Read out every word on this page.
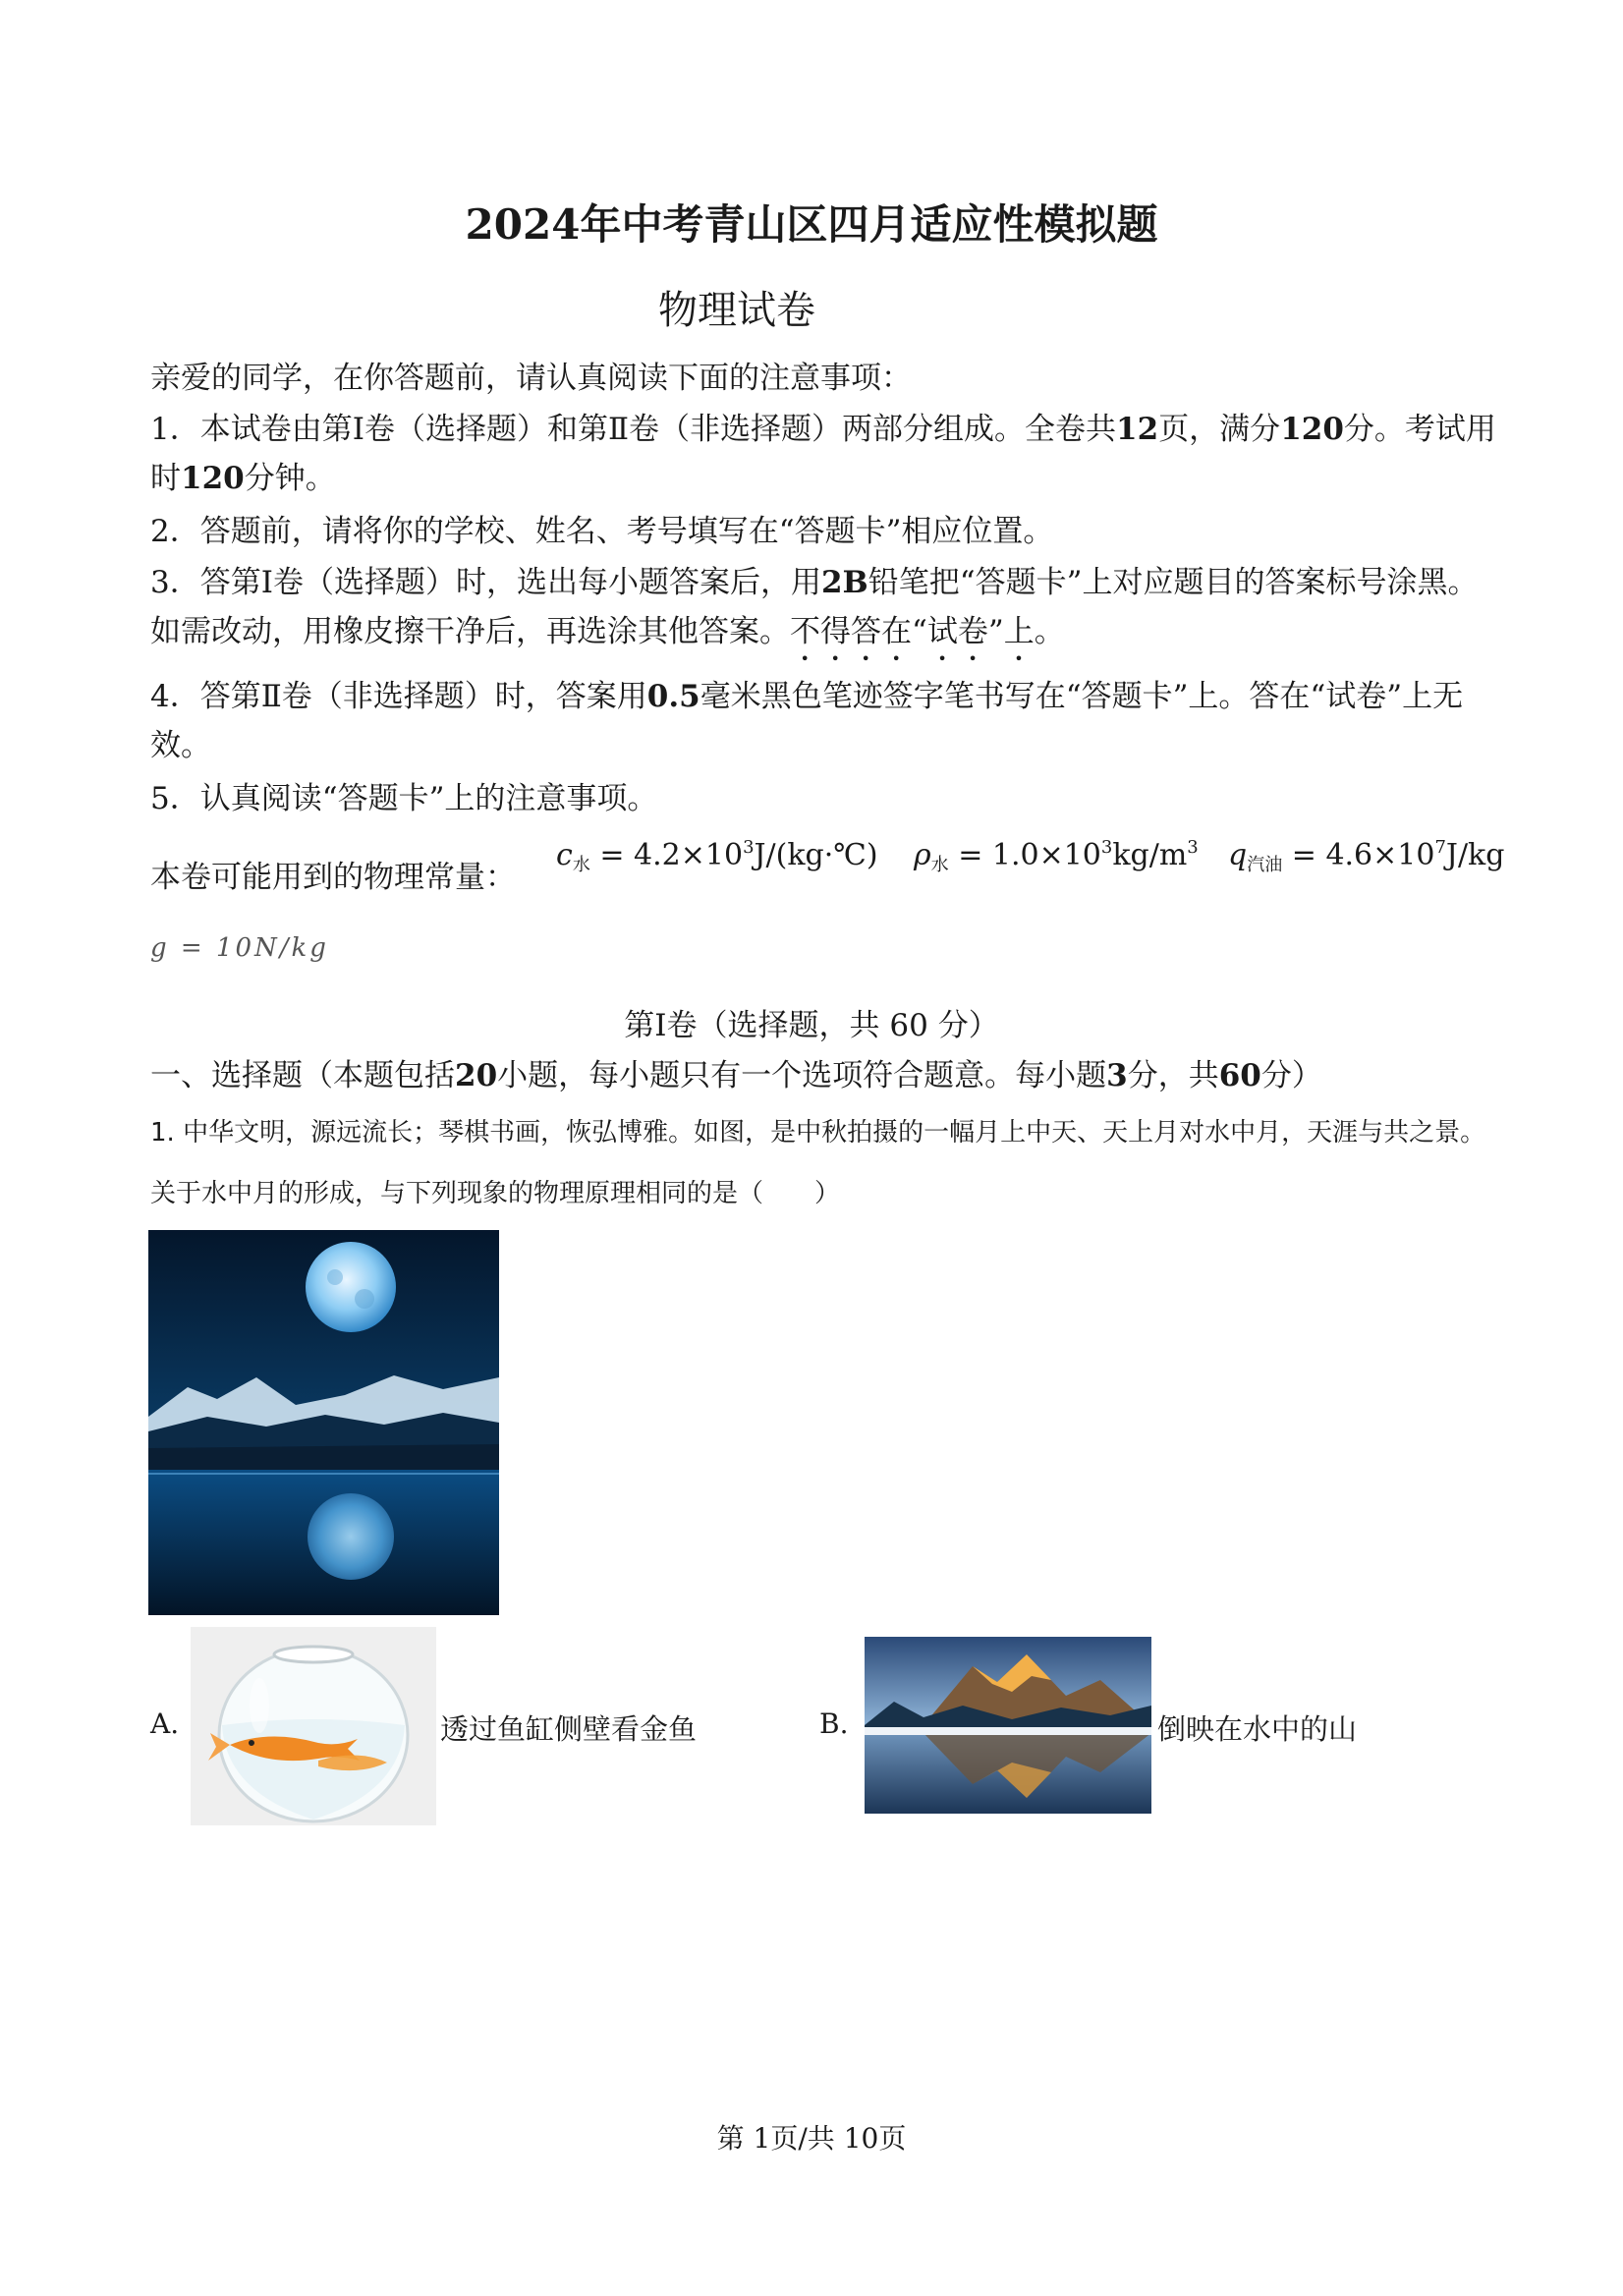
2024年中考青山区四月适应性模拟题
物理试卷
亲爱的同学，在你答题前，请认真阅读下面的注意事项：
1．本试卷由第Ⅰ卷（选择题）和第Ⅱ卷（非选择题）两部分组成。全卷共12页，满分120分。考试用时120分钟。
2．答题前，请将你的学校、姓名、考号填写在“答题卡”相应位置。
3．答第Ⅰ卷（选择题）时，选出每小题答案后，用2B铅笔把“答题卡”上对应题目的答案标号涂黑。如需改动，用橡皮擦干净后，再选涂其他答案。不得答在“试卷”上。
4．答第Ⅱ卷（非选择题）时，答案用0.5毫米黑色笔迹签字笔书写在“答题卡”上。答在“试卷”上无效。
5．认真阅读“答题卡”上的注意事项。
本卷可能用到的物理常量：
$c_水$ = $4.2\times 10^3J/(kg\cdot℃) \rho_水 = 1.0\times 10^3kg/m^3$ $q_{汽油} = 4.6\times 10^7J/kg$
g = 10N/kg
第Ⅰ卷（选择题，共 60 分）
一、选择题（本题包括20小题，每小题只有一个选项符合题意。每小题3分，共60分）
1. 中华文明，源远流长；琴棋书画，恢弘博雅。如图，是中秋拍摄的一幅月上中天、天上月对水中月，天涯与共之景。关于水中月的形成，与下列现象的物理原理相同的是（　　）
A.	透过鱼缸侧壁看金鱼	B.	倒映在水中的山
第 1页/共 10页
